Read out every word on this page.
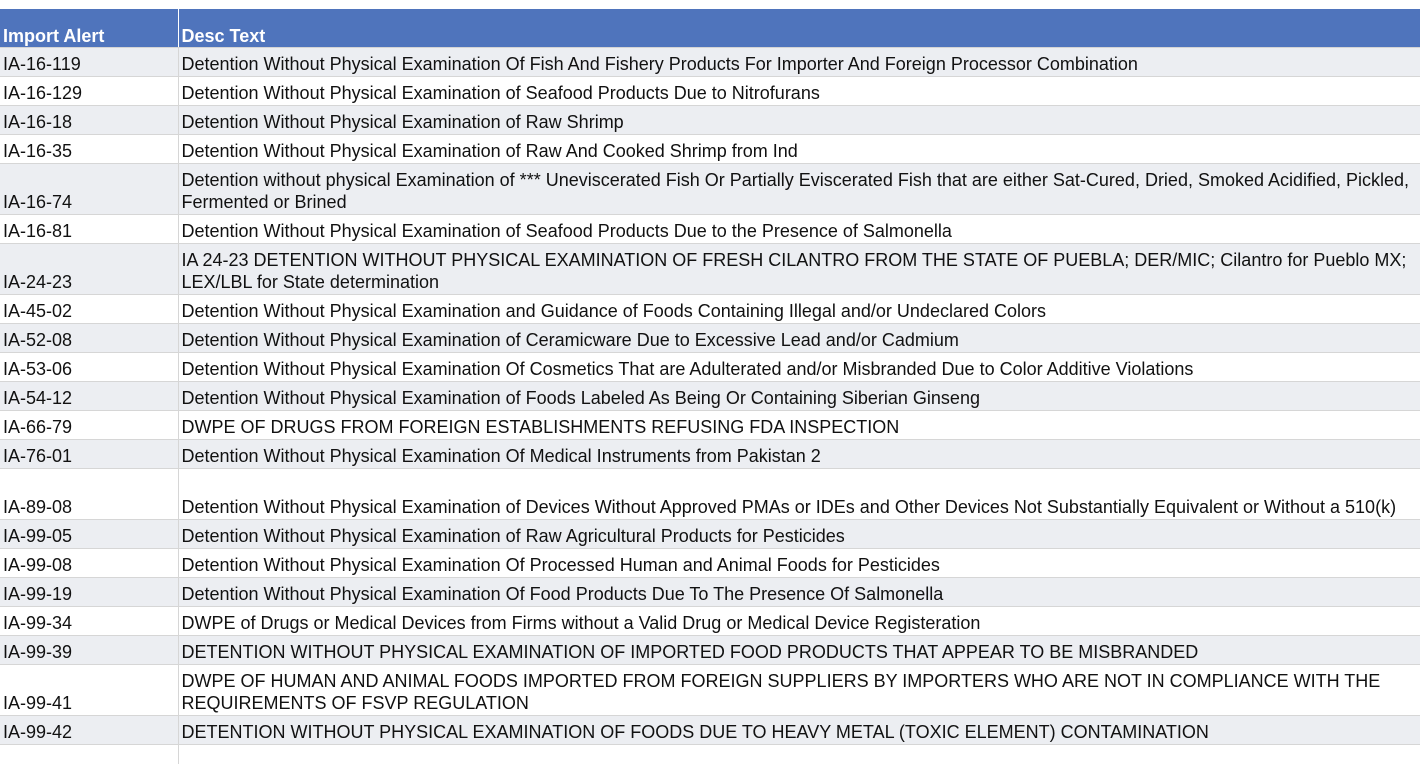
Import Alert	Desc Text
IA-16-119	Detention Without Physical Examination Of Fish And Fishery Products For Importer And Foreign Processor Combination
IA-16-129	Detention Without Physical Examination of Seafood Products Due to Nitrofurans
IA-16-18	Detention Without Physical Examination of Raw Shrimp
IA-16-35	Detention Without Physical Examination of Raw And Cooked Shrimp from Ind
IA-16-74	Detention without physical Examination of *** Uneviscerated Fish Or Partially Eviscerated Fish that are either Sat-Cured, Dried, Smoked Acidified, Pickled, Fermented or Brined
IA-16-81	Detention Without Physical Examination of Seafood Products Due to the Presence of Salmonella
IA-24-23	IA 24-23 DETENTION WITHOUT PHYSICAL EXAMINATION OF FRESH CILANTRO FROM THE STATE OF PUEBLA; DER/MIC; Cilantro for Pueblo MX; LEX/LBL for State determination
IA-45-02	Detention Without Physical Examination and Guidance of Foods Containing Illegal and/or Undeclared Colors
IA-52-08	Detention Without Physical Examination of Ceramicware Due to Excessive Lead and/or Cadmium
IA-53-06	Detention Without Physical Examination Of Cosmetics That are Adulterated and/or Misbranded Due to Color Additive Violations
IA-54-12	Detention Without Physical Examination of Foods Labeled As Being Or Containing Siberian Ginseng
IA-66-79	DWPE OF DRUGS FROM FOREIGN ESTABLISHMENTS REFUSING FDA INSPECTION
IA-76-01	Detention Without Physical Examination Of Medical Instruments from Pakistan 2
IA-89-08	Detention Without Physical Examination of Devices Without Approved PMAs or IDEs and Other Devices Not Substantially Equivalent or Without a 510(k)
IA-99-05	Detention Without Physical Examination of Raw Agricultural Products for Pesticides
IA-99-08	Detention Without Physical Examination Of Processed Human and Animal Foods for Pesticides
IA-99-19	Detention Without Physical Examination Of Food Products Due To The Presence Of Salmonella
IA-99-34	DWPE of Drugs or Medical Devices from Firms without a Valid Drug or Medical Device Registeration
IA-99-39	DETENTION WITHOUT PHYSICAL EXAMINATION OF IMPORTED FOOD PRODUCTS THAT APPEAR TO BE MISBRANDED
IA-99-41	DWPE OF HUMAN AND ANIMAL FOODS IMPORTED FROM FOREIGN SUPPLIERS BY IMPORTERS WHO ARE NOT IN COMPLIANCE WITH THE REQUIREMENTS OF FSVP REGULATION
IA-99-42	DETENTION WITHOUT PHYSICAL EXAMINATION OF FOODS DUE TO HEAVY METAL (TOXIC ELEMENT) CONTAMINATION
